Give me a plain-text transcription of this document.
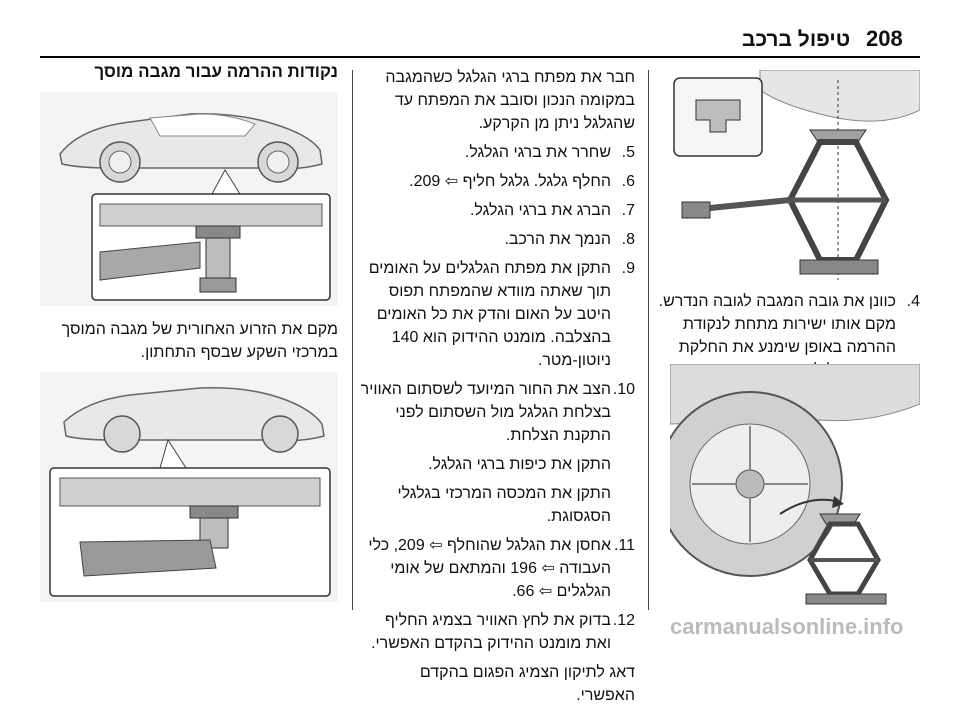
208
טיפול ברכב
נקודות ההרמה עבור מגבה מוסך
מקם את הזרוע האחורית של מגבה המוסך במרכזי השקע שבסף התחתון.
חבר את מפתח ברגי הגלגל כשהמגבה במקומה הנכון וסובב את המפתח עד שהגלגל ניתן מן הקרקע.
5.
שחרר את ברגי הגלגל.
6.
החלף גלגל. גלגל חליף ⇦ 209.
7.
הברג את ברגי הגלגל.
8.
הנמך את הרכב.
9.
התקן את מפתח הגלגלים על האומים תוך שאתה מוודא שהמפתח תפוס היטב על האום והדק את כל האומים בהצלבה. מומנט ההידוק הוא 140 ניוטון-מטר.
10.
הצב את החור המיועד לשסתום האוויר בצלחת הגלגל מול השסתום לפני התקנת הצלחת.
התקן את כיפות ברגי הגלגל.
התקן את המכסה המרכזי בגלגלי הסגסוגת.
11.
אחסן את הגלגל שהוחלף ⇦ 209, כלי העבודה ⇦ 196 והמתאם של אומי הגלגלים ⇦ 66.
12.
בדוק את לחץ האוויר בצמיג החליף ואת מומנט ההידוק בהקדם האפשרי.
דאג לתיקון הצמיג הפגום בהקדם האפשרי.
4.
כוונן את גובה המגבה לגובה הנדרש. מקם אותו ישירות מתחת לנקודת ההרמה באופן שימנע את החלקת
carmanualsonline.info
